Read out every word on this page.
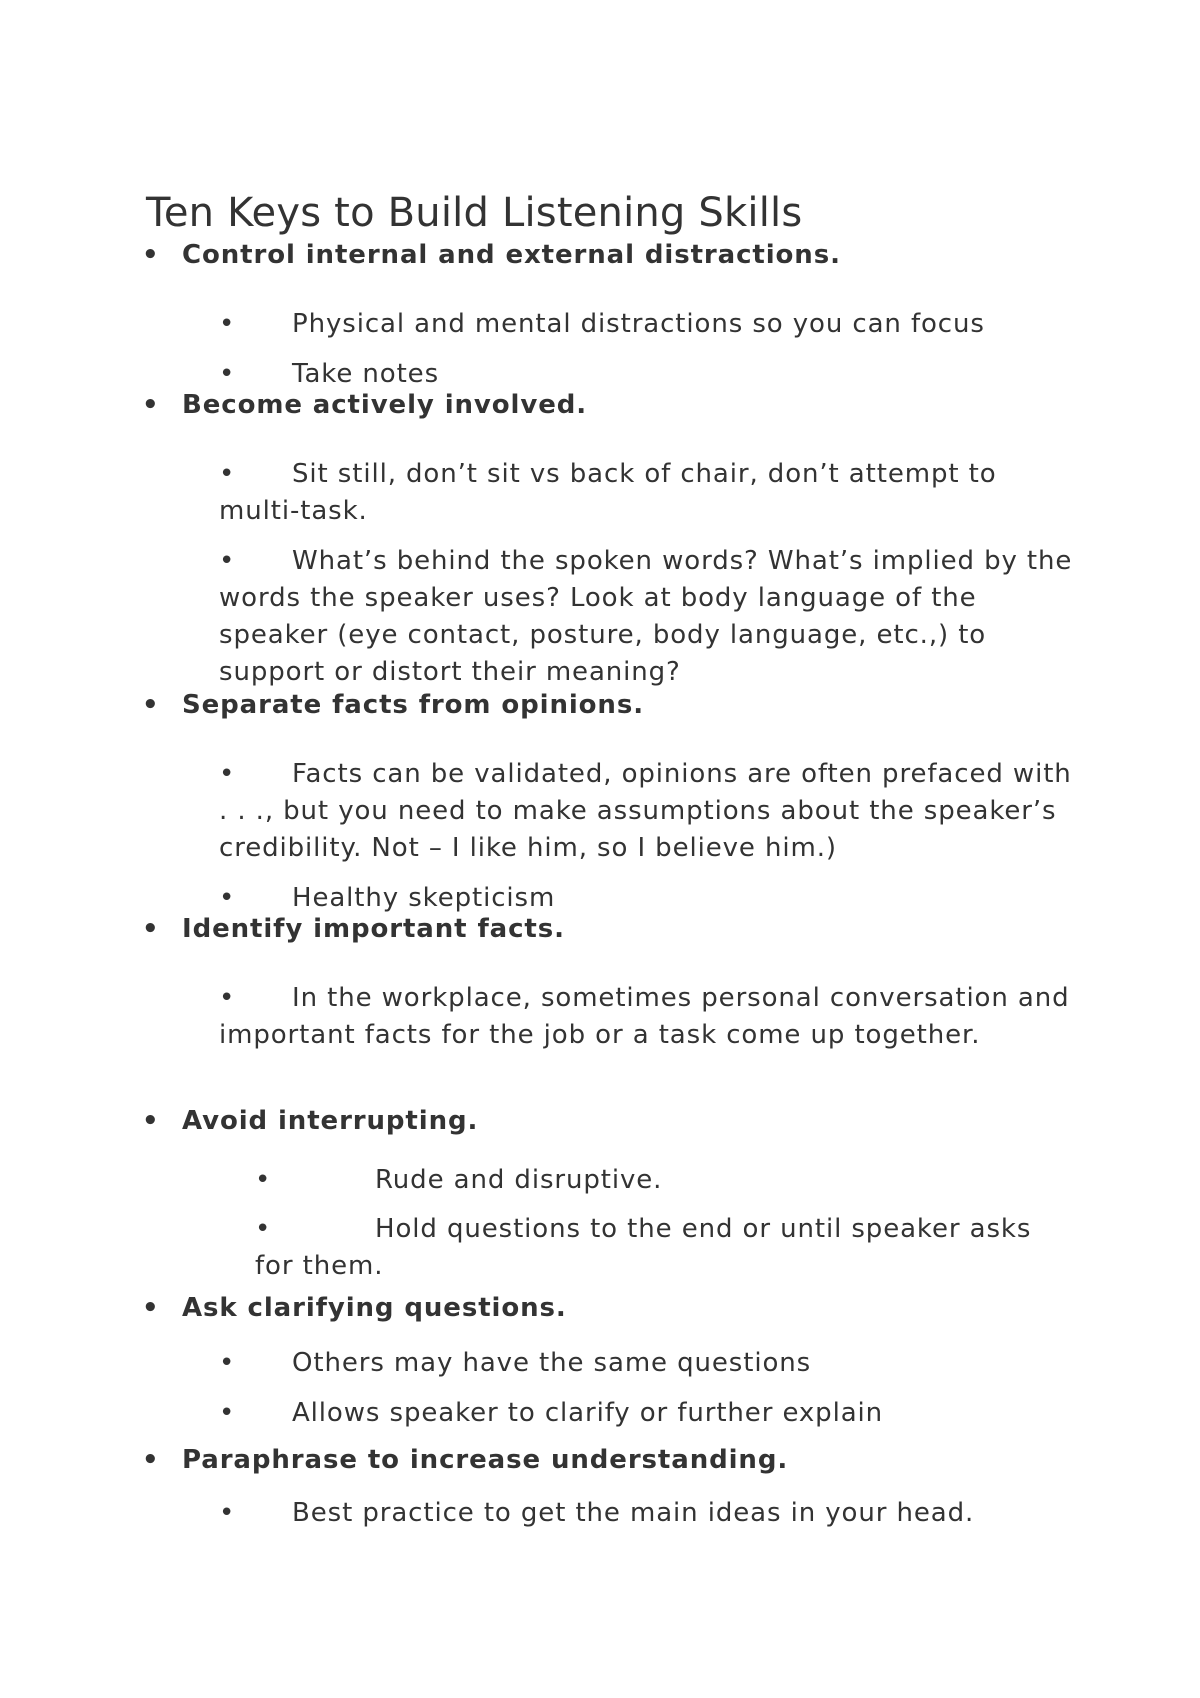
Ten Keys to Build Listening Skills
• Control internal and external distractions.

• Physical and mental distractions so you can focus

• Take notes

• Become actively involved.

• Sit still, don’t sit vs back of chair, don’t attempt to multi-task.

• What’s behind the spoken words? What’s implied by the words the speaker uses? Look at body language of the speaker (eye contact, posture, body language, etc.,) to support or distort their meaning?

• Separate facts from opinions.

• Facts can be validated, opinions are often prefaced with . . ., but you need to make assumptions about the speaker’s credibility. Not – I like him, so I believe him.)

• Healthy skepticism

• Identify important facts.

• In the workplace, sometimes personal conversation and important facts for the job or a task come up together.

• Avoid interrupting.

•	Rude and disruptive.

•	Hold questions to the end or until speaker asks for them.

• Ask clarifying questions.

• Others may have the same questions

• Allows speaker to clarify or further explain

• Paraphrase to increase understanding.

• Best practice to get the main ideas in your head.
